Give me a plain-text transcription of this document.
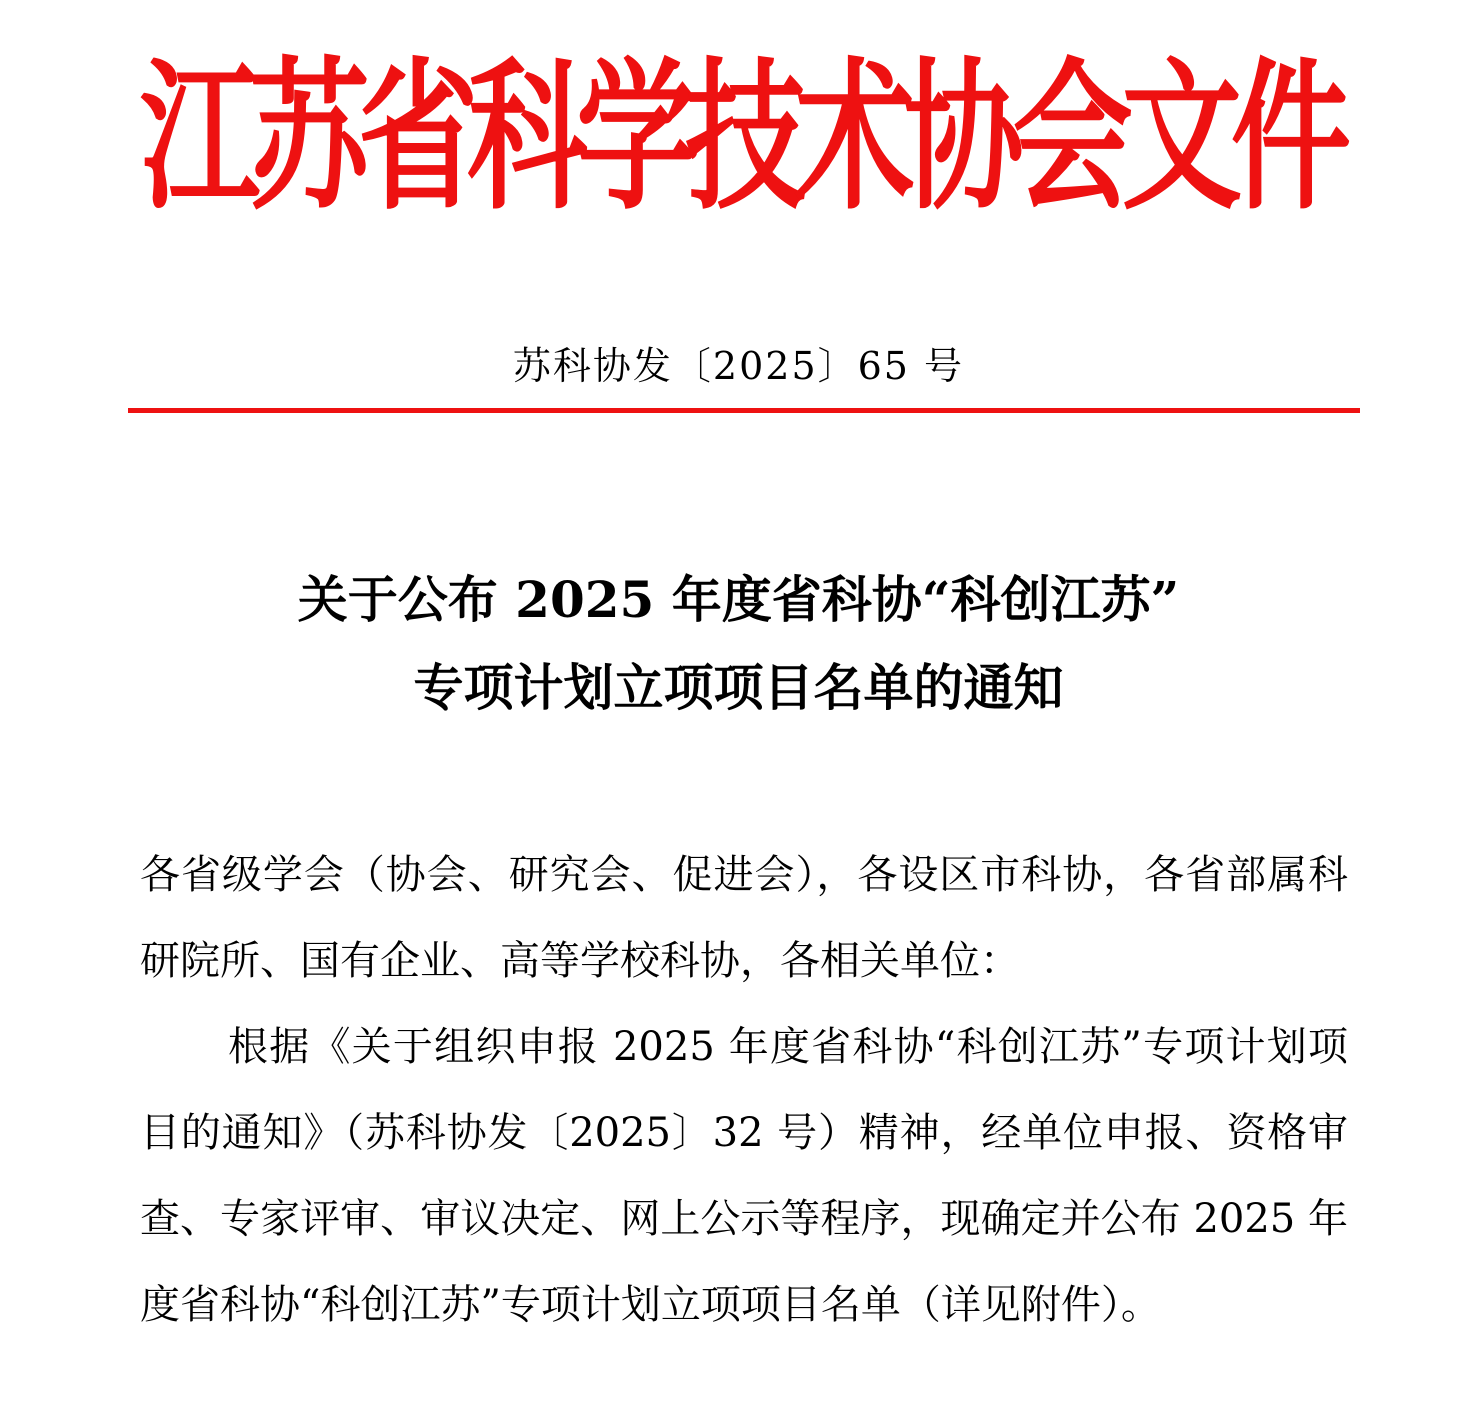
江
苏
省
科
学
技
术
协
会
文
件
苏科协发〔2025〕65 号
关于公布 2025 年度省科协“科创江苏”
专项计划立项项目名单的通知

各省级学会（协会、研究会、促进会），各设区市科协，各省部属科研院所、国有企业、高等学校科协，各相关单位：

根据《关于组织申报 2025 年度省科协“科创江苏”专项计划项目的通知》（苏科协发〔2025〕32 号）精神，经单位申报、资格审查、专家评审、审议决定、网上公示等程序，现确定并公布 2025 年度省科协“科创江苏”专项计划立项项目名单（详见附件）。
